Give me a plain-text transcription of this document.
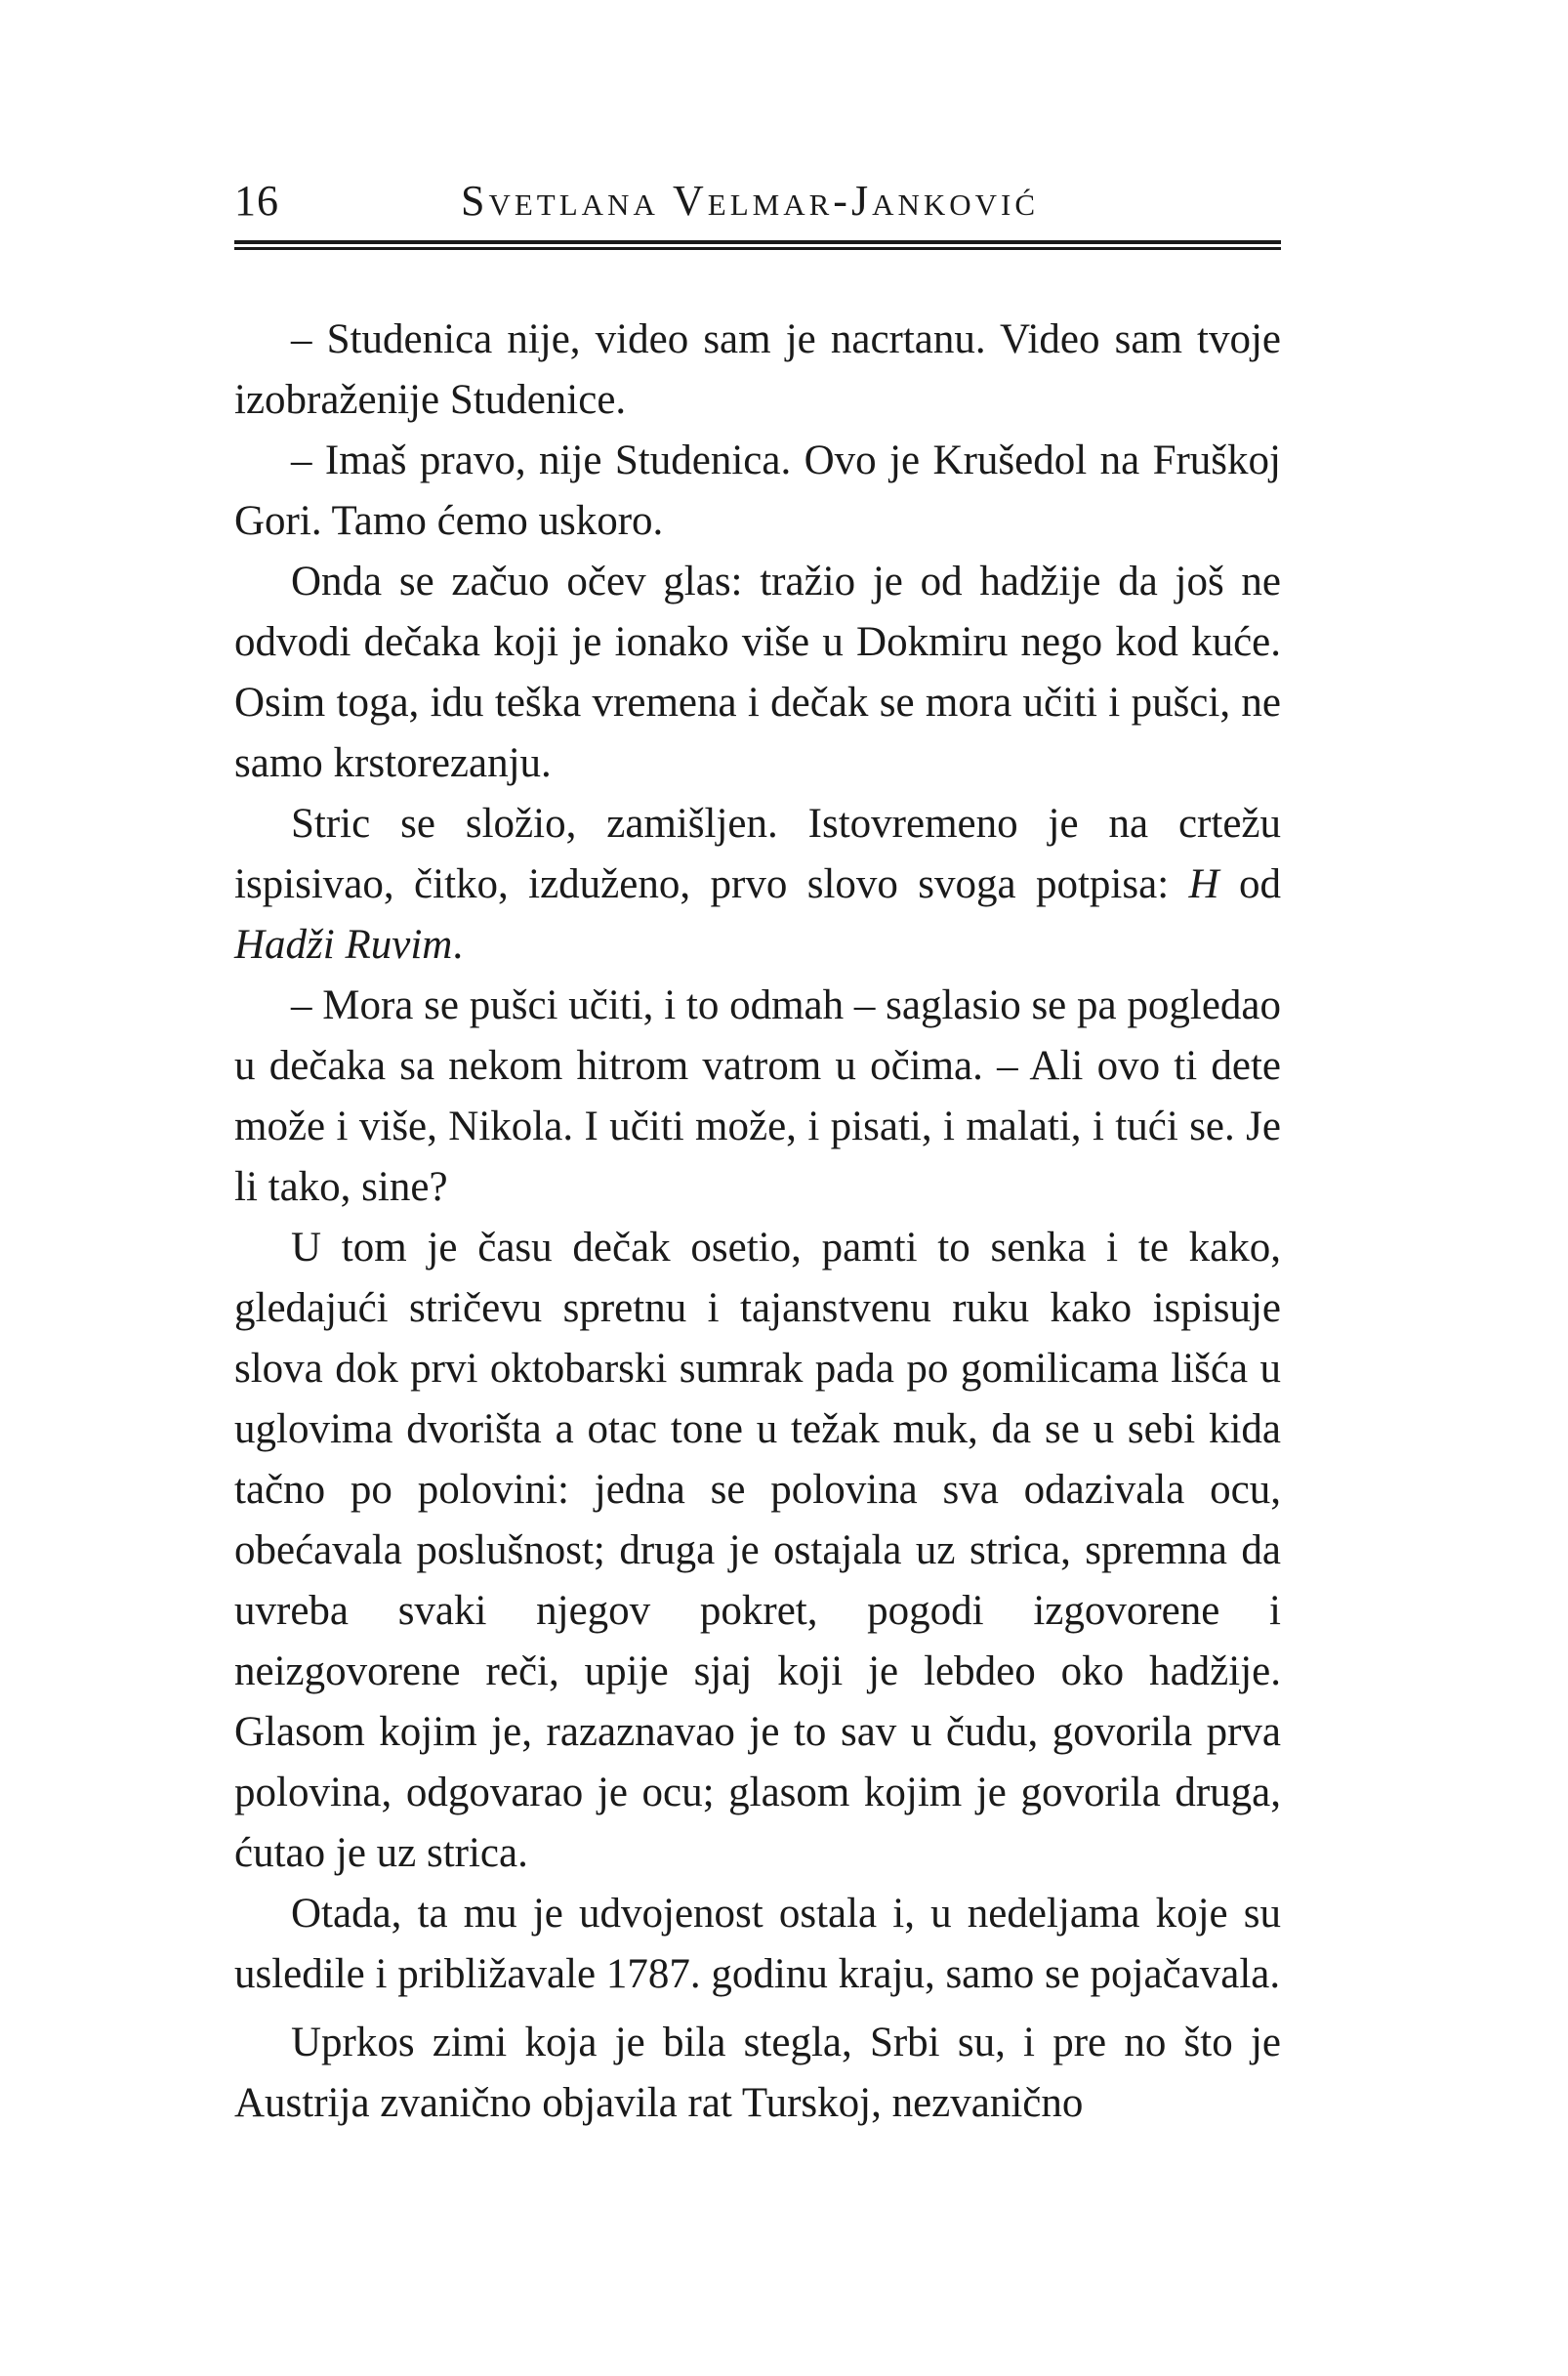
16	Svetlana Velmar-Janković

– Studenica nije, video sam je nacrtanu. Video sam tvoje izobraženije Studenice.

– Imaš pravo, nije Studenica. Ovo je Krušedol na Fruškoj Gori. Tamo ćemo uskoro.

Onda se začuo očev glas: tražio je od hadžije da još ne odvodi dečaka koji je ionako više u Dokmiru nego kod kuće. Osim toga, idu teška vremena i dečak se mora učiti i pušci, ne samo krstorezanju.

Stric se složio, zamišljen. Istovremeno je na crtežu ispisivao, čitko, izduženo, prvo slovo svoga potpisa: H od Hadži Ruvim.

– Mora se pušci učiti, i to odmah – saglasio se pa pogledao u dečaka sa nekom hitrom vatrom u očima. – Ali ovo ti dete može i više, Nikola. I učiti može, i pisati, i malati, i tući se. Je li tako, sine?

U tom je času dečak osetio, pamti to senka i te kako, gledajući stričevu spretnu i tajanstvenu ruku kako ispisuje slova dok prvi oktobarski sumrak pada po gomilicama lišća u uglovima dvorišta a otac tone u težak muk, da se u sebi kida tačno po polovini: jedna se polovina sva odazivala ocu, obećavala poslušnost; druga je ostajala uz strica, spremna da uvreba svaki njegov pokret, pogodi izgovorene i neizgovorene reči, upije sjaj koji je lebdeo oko hadžije. Glasom kojim je, razaznavao je to sav u čudu, govorila prva polovina, odgovarao je ocu; glasom kojim je govorila druga, ćutao je uz strica.

Otada, ta mu je udvojenost ostala i, u nedeljama koje su usledile i približavale 1787. godinu kraju, samo se pojačavala.

Uprkos zimi koja je bila stegla, Srbi su, i pre no što je Austrija zvanično objavila rat Turskoj, nezvanično
